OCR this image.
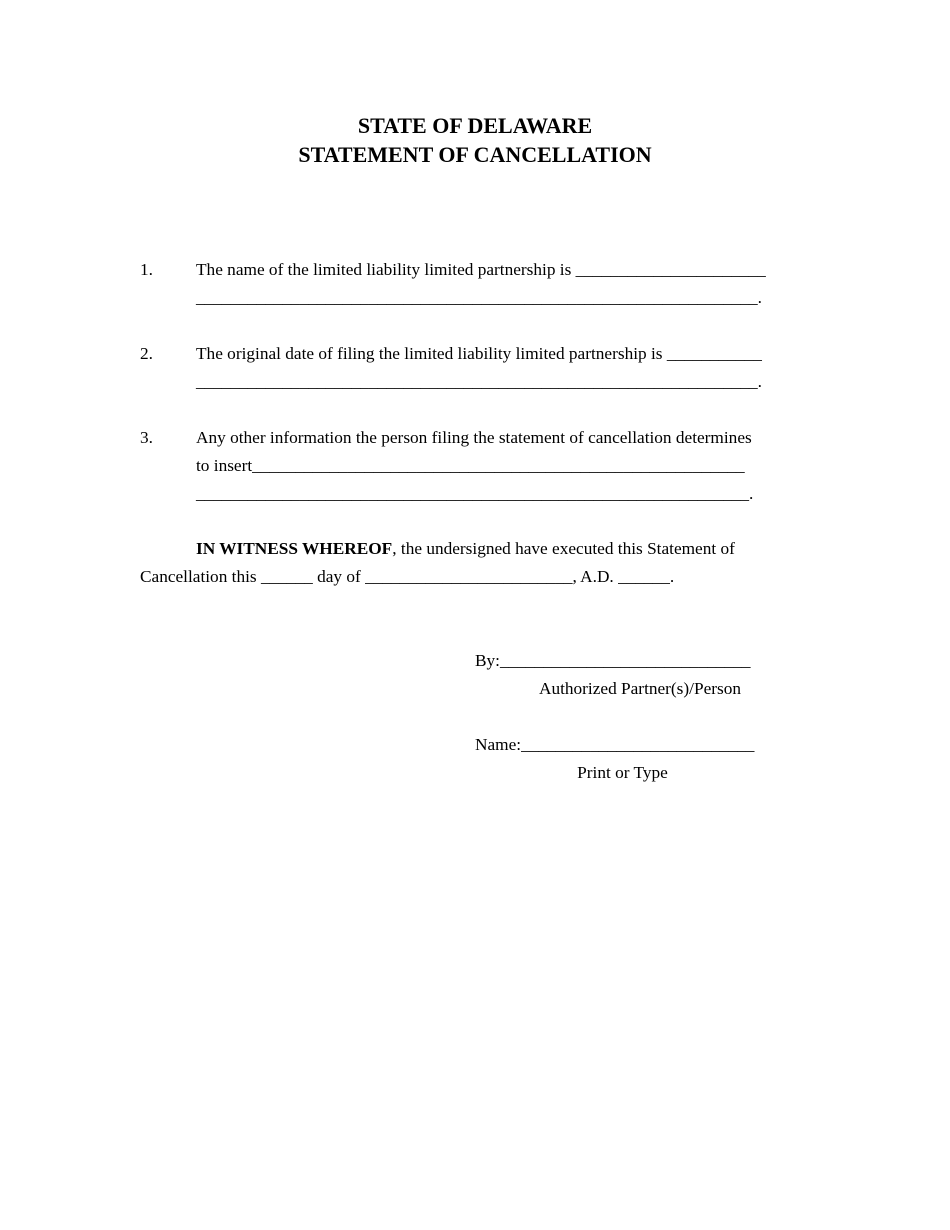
STATE OF DELAWARE
STATEMENT OF CANCELLATION
1. The name of the limited liability limited partnership is ______________________
_________________________________________________________________.
2. The original date of filing the limited liability limited partnership is ___________
_________________________________________________________________.
3. Any other information the person filing the statement of cancellation determines
to insert_________________________________________________________
________________________________________________________________.
IN WITNESS WHEREOF, the undersigned have executed this Statement of
Cancellation this ______ day of ________________________, A.D. ______.
By:_____________________________
Authorized Partner(s)/Person
Name:___________________________
Print or Type
